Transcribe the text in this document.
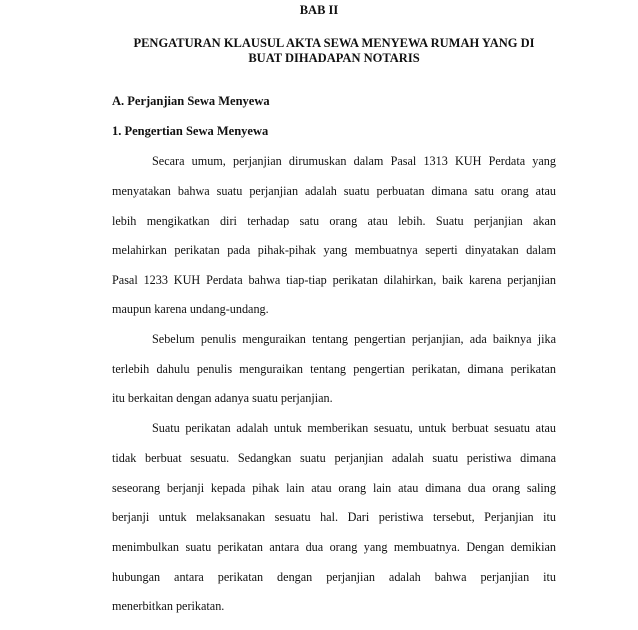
BAB II
PENGATURAN KLAUSUL AKTA SEWA MENYEWA RUMAH YANG DI
BUAT DIHADAPAN NOTARIS
A. Perjanjian Sewa Menyewa
1. Pengertian Sewa Menyewa
Secara umum, perjanjian dirumuskan dalam Pasal 1313 KUH Perdata yang
menyatakan bahwa suatu perjanjian adalah suatu perbuatan dimana satu orang atau
lebih mengikatkan diri terhadap satu orang atau lebih. Suatu perjanjian akan
melahirkan perikatan pada pihak-pihak yang membuatnya seperti dinyatakan dalam
Pasal 1233 KUH Perdata bahwa tiap-tiap perikatan dilahirkan, baik karena perjanjian
maupun karena undang-undang.
Sebelum penulis menguraikan tentang pengertian perjanjian, ada baiknya jika
terlebih dahulu penulis menguraikan tentang pengertian perikatan, dimana perikatan
itu berkaitan dengan adanya suatu perjanjian.
Suatu perikatan adalah untuk memberikan sesuatu, untuk berbuat sesuatu atau
tidak berbuat sesuatu. Sedangkan suatu perjanjian adalah suatu peristiwa dimana
seseorang berjanji kepada pihak lain atau orang lain atau dimana dua orang saling
berjanji untuk melaksanakan sesuatu hal. Dari peristiwa tersebut, Perjanjian itu
menimbulkan suatu perikatan antara dua orang yang membuatnya. Dengan demikian
hubungan antara perikatan dengan perjanjian adalah bahwa perjanjian itu
menerbitkan perikatan.
